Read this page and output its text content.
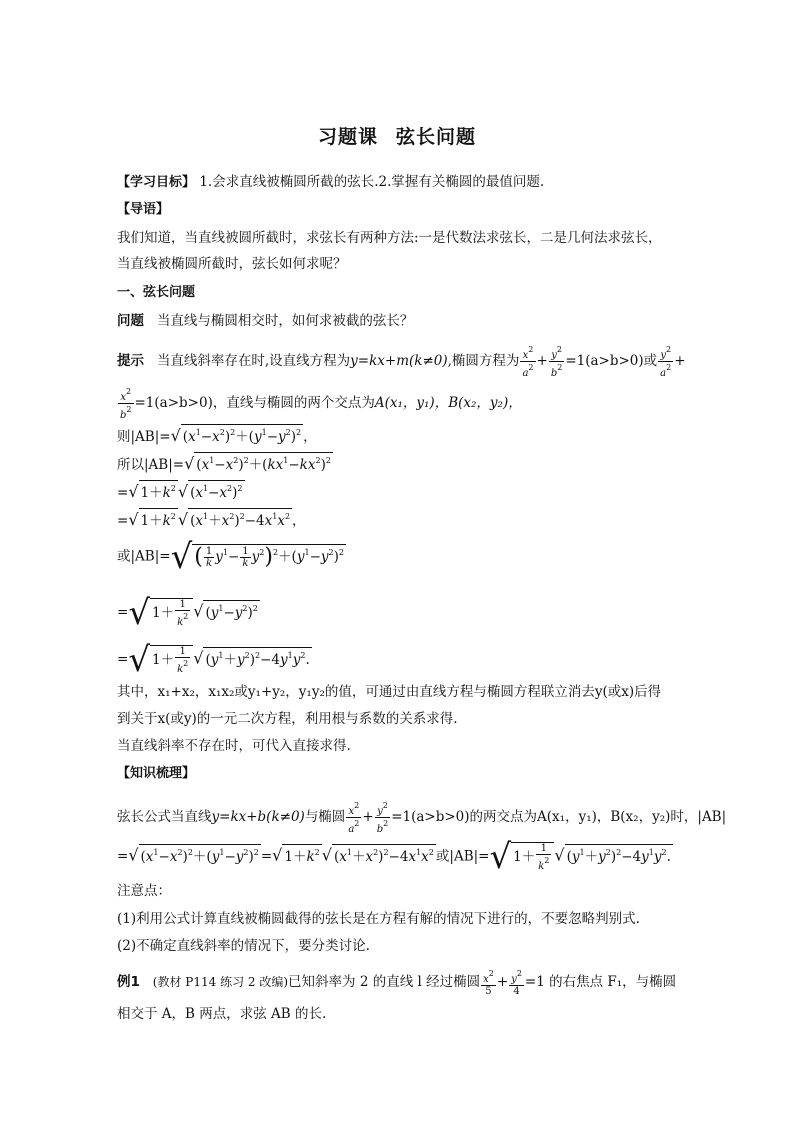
习题课 弦长问题
【学习目标】 1.会求直线被椭圆所截的弦长.2.掌握有关椭圆的最值问题.
【导语】
我们知道，当直线被圆所截时，求弦长有两种方法:一是代数法求弦长，二是几何法求弦长，
当直线被椭圆所截时，弦长如何求呢？
一、弦长问题
问题 当直线与椭圆相交时，如何求被截的弦长？
提示 当直线斜率存在时,设直线方程为y=kx+m(k≠0),椭圆方程为 $\frac{x^2}{a^2} + \frac{y^2}{b^2} =1(a>b>0)$或 $\frac{y^2}{a^2}$ +
$\frac{x^2}{b^2} =1(a>b>0)$，直线与椭圆的两个交点为A(x₁，y₁)，B(x₂，y₂)，
则|AB|=√ $(x^1-x^2)^2+(y^1-y^2)^2$ ，
所以|AB|=√ $(x^1-x^2)^2+(kx^1-kx^2)^2$
=√ $1+k^2$ √ $(x^1-x^2)^2$
=√ $1+k^2$ √ $(x^1+x^2)^2-4x^1x^2$ ，
或$|AB|=√( \frac{1}{k} y^1- \frac{1}{k} y^2)^2+(y^1-y^2)^2$
=√ $1+ \frac{1}{k^2}$ √ $(y^1-y^2)^2$
=√ $1+ \frac{1}{k^2}$ √ $(y^1+y^2)^2-4y^1y^2$.
其中，x₁+x₂，x₁x₂或y₁+y₂，y₁y₂的值，可通过由直线方程与椭圆方程联立消去y(或x)后得
到关于x(或y)的一元二次方程，利用根与系数的关系求得.
当直线斜率不存在时，可代入直接求得.
【知识梳理】
弦长公式当直线y=kx+b(k≠0)与椭圆 $\frac{x^2}{a^2} + \frac{y^2}{b^2} =1(a>b>0)$的两交点为A(x₁，y₁)，B(x₂，y₂)时，|AB|
=√ $(x^1-x^2)^2+(y^1-y^2)^2$ =√ $1+k^2$ √ $(x^1+x^2)^2-4x^1x^2$ 或|AB|=√ $1+ \frac{1}{k^2}$ √ $(y^1+y^2)^2-4y^1y^2$.
注意点：
(1)利用公式计算直线被椭圆截得的弦长是在方程有解的情况下进行的，不要忽略判别式.
(2)不确定直线斜率的情况下，要分类讨论.
例1 (教材 P114 练习 2 改编)已知斜率为 2 的直线 l 经过椭圆 $\frac{x^2}{5} + \frac{y^2}{4} =1$ 的右焦点 F₁，与椭圆
相交于 A，B 两点，求弦 AB 的长.
